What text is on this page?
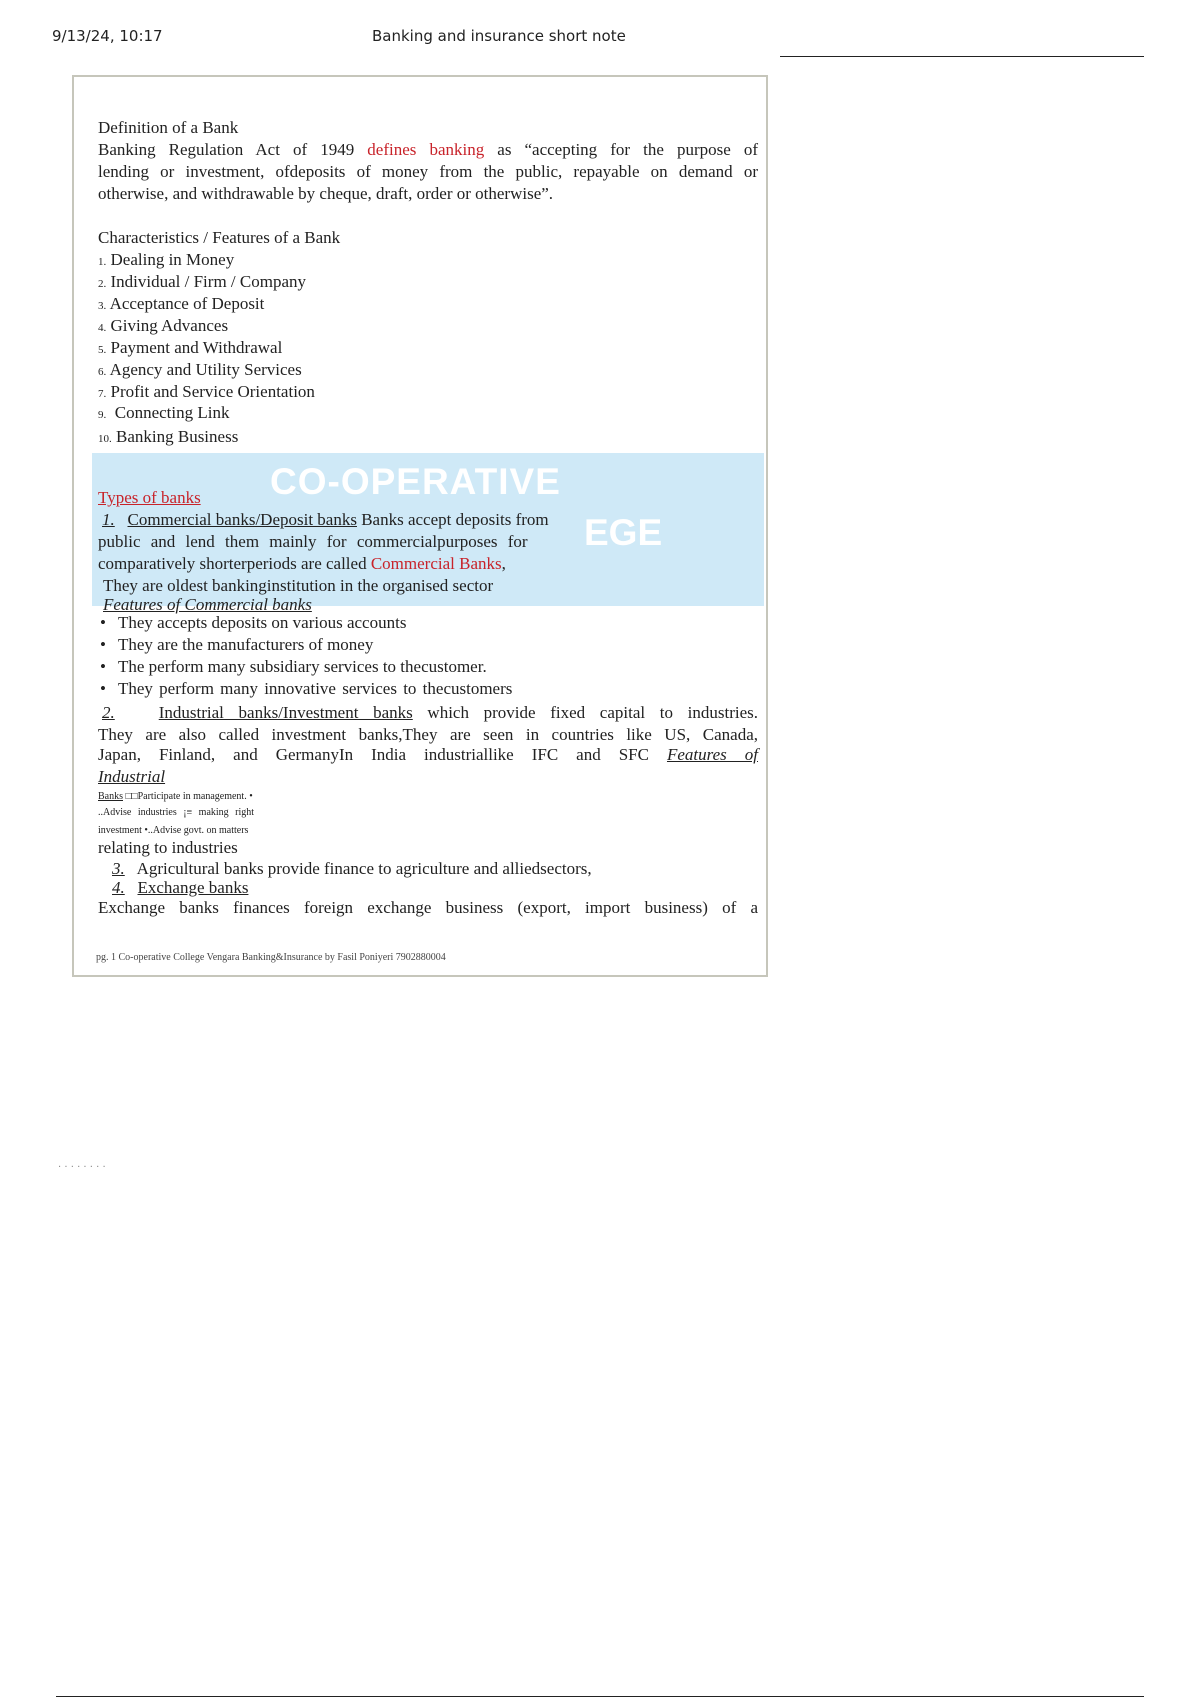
9/13/24, 10:17	Banking and insurance short note
CO-OPERATIVE
EGE
Definition of a Bank
Banking Regulation Act of 1949 defines banking as “accepting for the purpose of
lending or investment, ofdeposits of money from the public, repayable on demand or
otherwise, and withdrawable by cheque, draft, order or otherwise”.
Characteristics / Features of a Bank
1. Dealing in Money
2. Individual / Firm / Company
3. Acceptance of Deposit
4. Giving Advances
5. Payment and Withdrawal
6. Agency and Utility Services
7. Profit and Service Orientation
9. Connecting Link
10. Banking Business
Types of banks
1. Commercial banks/Deposit banks Banks accept deposits from
public and lend them mainly for commercialpurposes for
comparatively shorterperiods are called Commercial Banks,
They are oldest bankinginstitution in the organised sector
Features of Commercial banks
• They accepts deposits on various accounts
• They are the manufacturers of money
• The perform many subsidiary services to thecustomer.
• They perform many innovative services to thecustomers
2.	Industrial banks/Investment banks which provide fixed capital to industries.
They are also called investment banks,They are seen in countries like US, Canada,
Japan, Finland, and GermanyIn India industriallike IFC and SFC Features of
Industrial
Banks □□Participate in management. •
..Advise industries ¡≡ making right
investment •..Advise govt. on matters
relating to industries
3. Agricultural banks provide finance to agriculture and alliedsectors,
4. Exchange banks
Exchange banks finances foreign exchange business (export, import business) of a
pg. 1 Co-operative College Vengara Banking&Insurance by Fasil Poniyeri 7902880004
· · · · · · · ·
